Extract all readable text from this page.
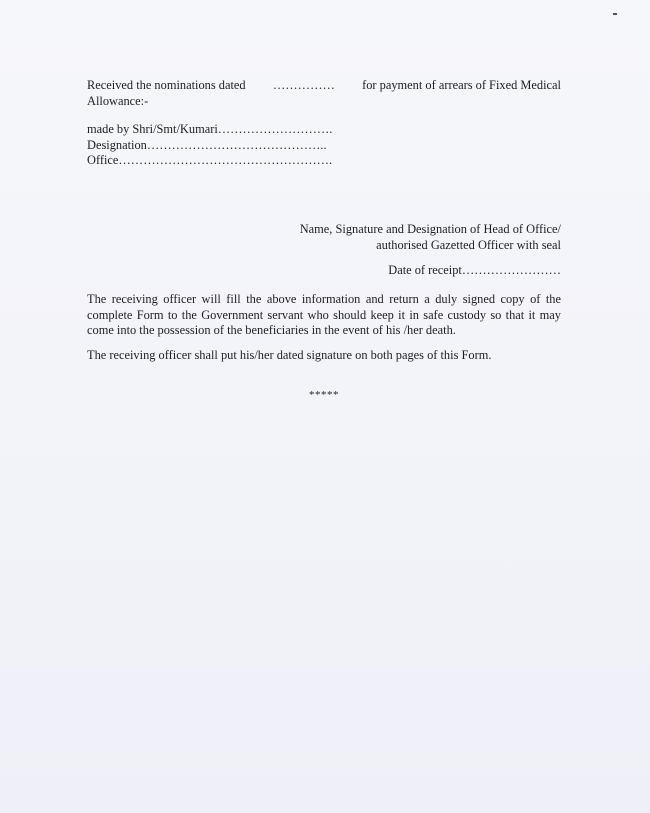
Received the nominations dated …………… for payment of arrears of Fixed Medical
Allowance:-
made by Shri/Smt/Kumari……………………….
Designation……………………………………..
Office…………………………………………….
Name, Signature and Designation of Head of Office/
authorised Gazetted Officer with seal
Date of receipt……………………
The receiving officer will fill the above information and return a duly signed copy of the complete Form to the Government servant who should keep it in safe custody so that it may come into the possession of the beneficiaries in the event of his /her death.
The receiving officer shall put his/her dated signature on both pages of this Form.
*****
